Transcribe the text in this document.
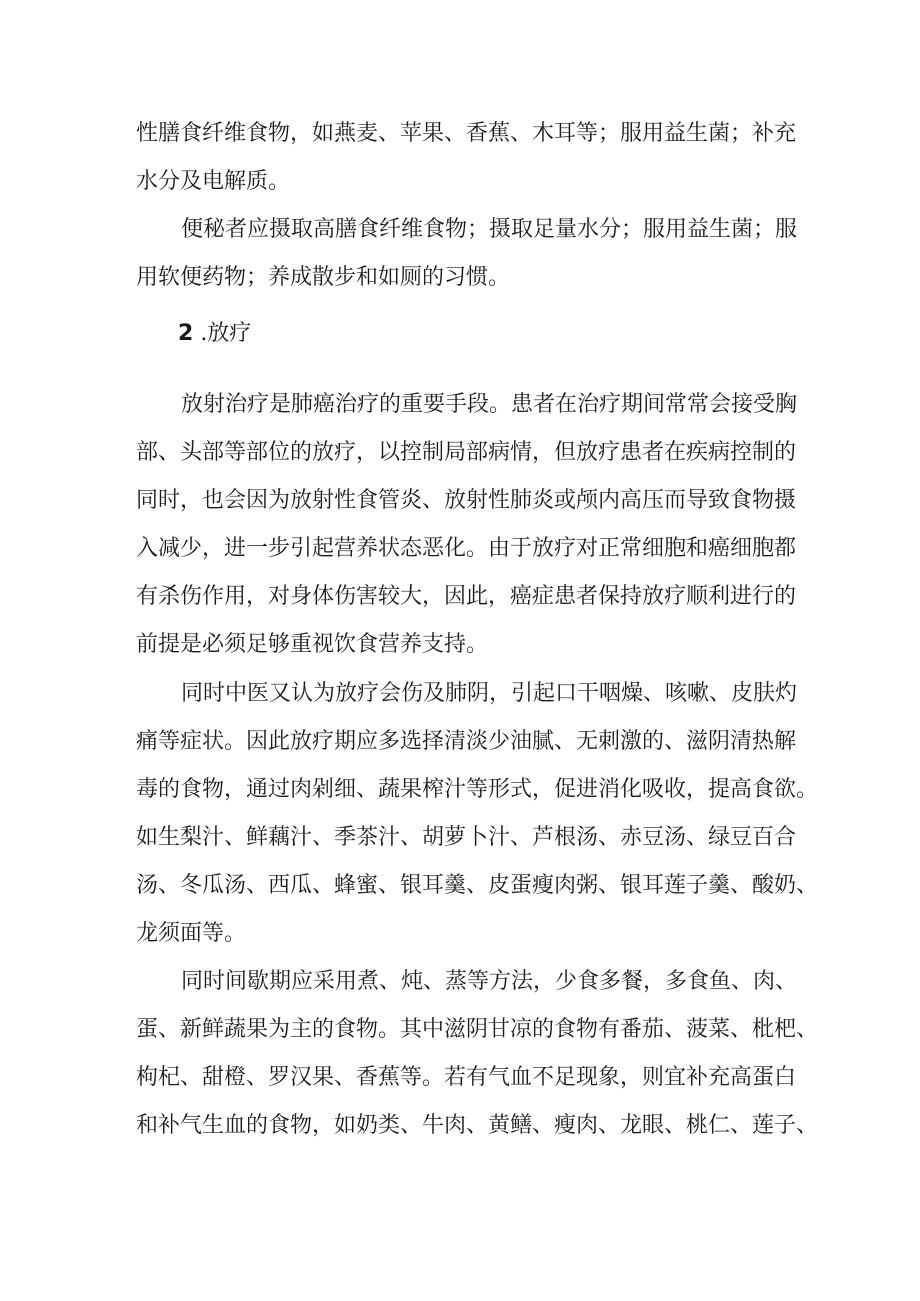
性膳食纤维食物，如燕麦、苹果、香蕉、木耳等；服用益生菌；补充
水分及电解质。
便秘者应摄取高膳食纤维食物；摄取足量水分；服用益生菌；服
用软便药物；养成散步和如厕的习惯。
2 .放疗
放射治疗是肺癌治疗的重要手段。患者在治疗期间常常会接受胸
部、头部等部位的放疗，以控制局部病情，但放疗患者在疾病控制的
同时，也会因为放射性食管炎、放射性肺炎或颅内高压而导致食物摄
入减少，进一步引起营养状态恶化。由于放疗对正常细胞和癌细胞都
有杀伤作用，对身体伤害较大，因此，癌症患者保持放疗顺利进行的
前提是必须足够重视饮食营养支持。
同时中医又认为放疗会伤及肺阴，引起口干咽燥、咳嗽、皮肤灼
痛等症状。因此放疗期应多选择清淡少油腻、无刺激的、滋阴清热解
毒的食物，通过肉剁细、蔬果榨汁等形式，促进消化吸收，提高食欲。
如生梨汁、鲜藕汁、季茶汁、胡萝卜汁、芦根汤、赤豆汤、绿豆百合
汤、冬瓜汤、西瓜、蜂蜜、银耳羹、皮蛋瘦肉粥、银耳莲子羹、酸奶、
龙须面等。
同时间歇期应采用煮、炖、蒸等方法，少食多餐，多食鱼、肉、
蛋、新鲜蔬果为主的食物。其中滋阴甘凉的食物有番茄、菠菜、枇杷、
枸杞、甜橙、罗汉果、香蕉等。若有气血不足现象，则宜补充高蛋白
和补气生血的食物，如奶类、牛肉、黄鳝、瘦肉、龙眼、桃仁、莲子、
